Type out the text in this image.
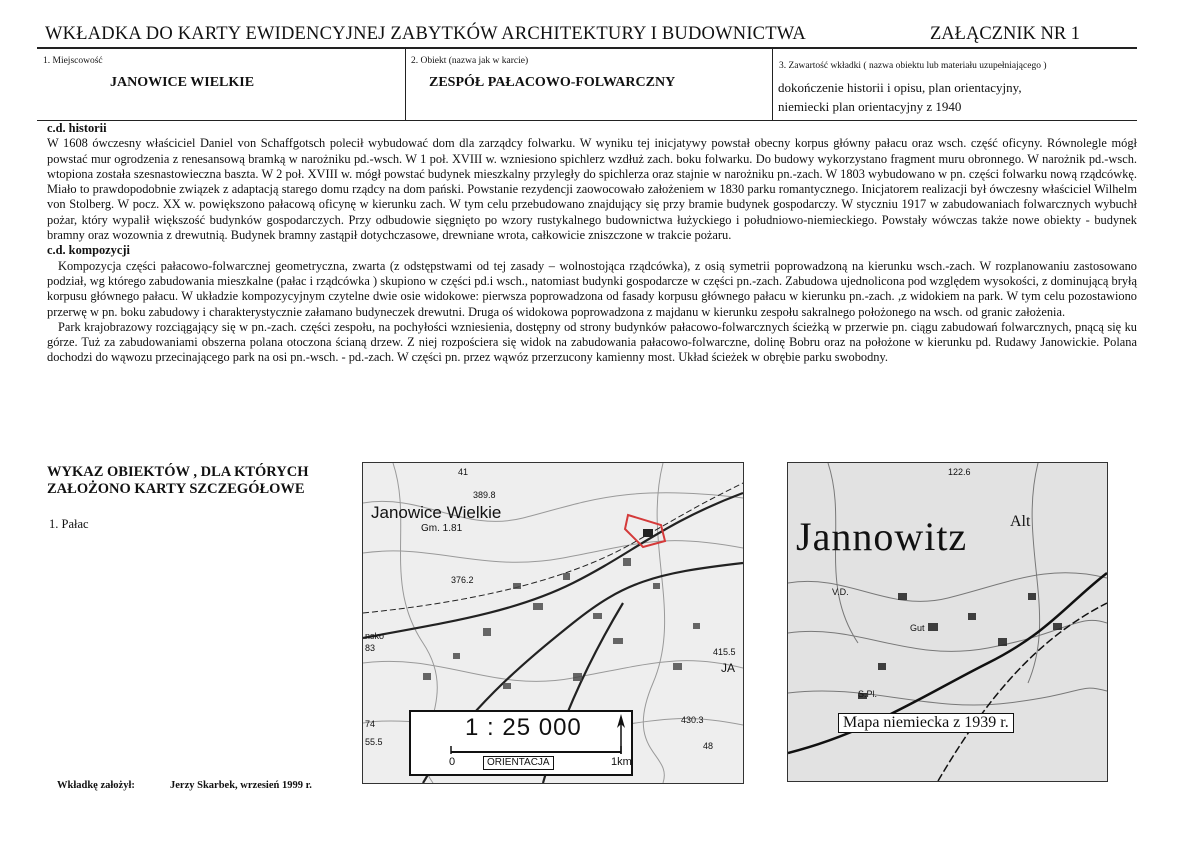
WKŁADKA DO KARTY EWIDENCYJNEJ ZABYTKÓW ARCHITEKTURY I BUDOWNICTWA	ZAŁĄCZNIK NR 1
1. Miejscowość
JANOWICE WIELKIE
2. Obiekt (nazwa jak w karcie)
ZESPÓŁ PAŁACOWO-FOLWARCZNY
3. Zawartość wkładki ( nazwa obiektu lub materiału uzupełniającego )
dokończenie historii i opisu, plan orientacyjny,
niemiecki plan orientacyjny z 1940

c.d. historii

W 1608 ówczesny właściciel Daniel von Schaffgotsch polecił wybudować dom dla zarządcy folwarku. W wyniku tej inicjatywy powstał obecny korpus główny pałacu oraz wsch. część oficyny. Równolegle mógł powstać mur ogrodzenia z renesansową bramką w narożniku pd.-wsch. W 1 poł. XVIII w. wzniesiono spichlerz wzdłuż zach. boku folwarku. Do budowy wykorzystano fragment muru obronnego. W narożnik pd.-wsch. wtopiona została szesnastowieczna baszta. W 2 poł. XVIII w. mógł powstać budynek mieszkalny przyległy do spichlerza oraz stajnie w narożniku pn.-zach. W 1803 wybudowano w pn. części folwarku nową rządcówkę. Miało to prawdopodobnie związek z adaptacją starego domu rządcy na dom pański. Powstanie rezydencji zaowocowało założeniem w 1830 parku romantycznego. Inicjatorem realizacji był ówczesny właściciel Wilhelm von Stolberg. W pocz. XX w. powiększono pałacową oficynę w kierunku zach. W tym celu przebudowano znajdujący się przy bramie budynek gospodarczy. W styczniu 1917 w zabudowaniach folwarcznych wybuchł pożar, który wypalił większość budynków gospodarczych. Przy odbudowie sięgnięto po wzory rustykalnego budownictwa łużyckiego i południowo-niemieckiego. Powstały wówczas także nowe obiekty - budynek bramny oraz wozownia z drewutnią. Budynek bramny zastąpił dotychczasowe, drewniane wrota, całkowicie zniszczone w trakcie pożaru.

c.d. kompozycji

Kompozycja części pałacowo-folwarcznej geometryczna, zwarta (z odstępstwami od tej zasady – wolnostojąca rządcówka), z osią symetrii poprowadzoną na kierunku wsch.-zach. W rozplanowaniu zastosowano podział, wg którego zabudowania mieszkalne (pałac i rządcówka ) skupiono w części pd.i wsch., natomiast budynki gospodarcze w części pn.-zach. Zabudowa ujednolicona pod względem wysokości, z dominującą bryłą korpusu głównego pałacu. W układzie kompozycyjnym czytelne dwie osie widokowe: pierwsza poprowadzona od fasady korpusu głównego pałacu w kierunku pn.-zach. ,z widokiem na park. W tym celu pozostawiono przerwę w pn. boku zabudowy i charakterystycznie załamano budyneczek drewutni. Druga oś widokowa poprowadzona z majdanu w kierunku zespołu sakralnego położonego na wsch. od granic założenia.

Park krajobrazowy rozciągający się w pn.-zach. części zespołu, na pochyłości wzniesienia, dostępny od strony budynków pałacowo-folwarcznych ścieżką w przerwie pn. ciągu zabudowań folwarcznych, pnącą się ku górze. Tuż za zabudowaniami obszerna polana otoczona ścianą drzew. Z niej rozpościera się widok na zabudowania pałacowo-folwarczne, dolinę Bobru oraz na położone w kierunku pd. Rudawy Janowickie. Polana dochodzi do wąwozu przecinającego park na osi pn.-wsch. - pd.-zach. W części pn. przez wąwóz przerzucony kamienny most. Układ ścieżek w obrębie parku swobodny.

WYKAZ OBIEKTÓW , DLA KTÓRYCH
ZAŁOŻONO KARTY SZCZEGÓŁOWE
1. Pałac
Janowice Wielkie
Gm. 1.81
41
389.8
376.2
415.5
JA
430.3
48
74
55.5
nsko
83
1 : 25 000
0	ORIENTACJA	1km
Jannowitz
122.6
Alt
V.D.
S.Pl.
Gut
Mapa niemiecka z 1939 r.
Wkładkę założył:	Jerzy Skarbek, wrzesień 1999 r.
